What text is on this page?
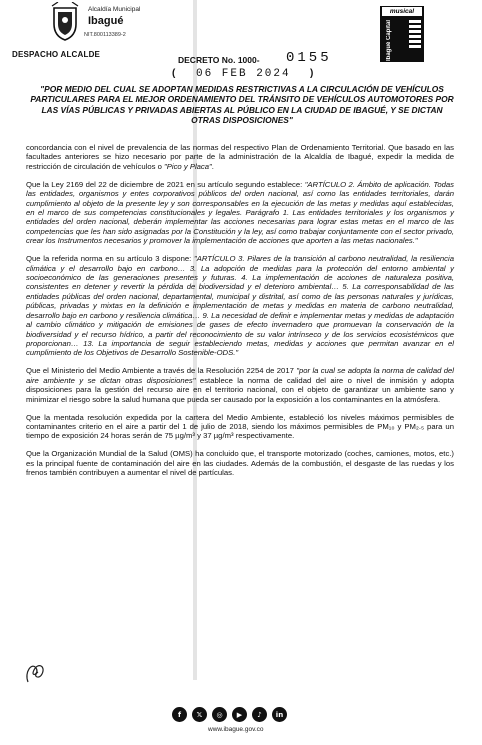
Alcaldía Municipal
Ibagué
NIT.800113389-2
DESPACHO ALCALDE
musical
Ibagué Capital
DECRETO No. 1000- 0155
( 06 FEB 2024 )
"POR MEDIO DEL CUAL SE ADOPTAN MEDIDAS RESTRICTIVAS A LA CIRCULACIÓN DE VEHÍCULOS PARTICULARES PARA EL MEJOR ORDENAMIENTO DEL TRÁNSITO DE VEHÍCULOS AUTOMOTORES POR LAS VÍAS PÚBLICAS Y PRIVADAS ABIERTAS AL PÚBLICO EN LA CIUDAD DE IBAGUÉ, Y SE DICTAN OTRAS DISPOSICIONES"

concordancia con el nivel de prevalencia de las normas del respectivo Plan de Ordenamiento Territorial. Que basado en las facultades anteriores se hizo necesario por parte de la administración de la Alcaldía de Ibagué, expedir la medida de restricción de circulación de vehículos o "Pico y Placa".

Que la Ley 2169 del 22 de diciembre de 2021 en su artículo segundo establece: "ARTÍCULO 2. Ámbito de aplicación. Todas las entidades, organismos y entes corporativos públicos del orden nacional, así como las entidades territoriales, darán cumplimiento al objeto de la presente ley y son corresponsables en la ejecución de las metas y medidas aquí establecidas, en el marco de sus competencias constitucionales y legales. Parágrafo 1. Las entidades territoriales y los organismos y entidades del orden nacional, deberán implementar las acciones necesarias para lograr estas metas en el marco de las competencias que les han sido asignadas por la Constitución y la ley, así como trabajar conjuntamente con el sector privado, crear los Instrumentos necesarios y promover la implementación de acciones que aporten a las metas nacionales."

Que la referida norma en su artículo 3 dispone: "ARTÍCULO 3. Pilares de la transición al carbono neutralidad, la resiliencia climática y el desarrollo bajo en carbono… 3. La adopción de medidas para la protección del entorno ambiental y socioeconómico de las generaciones presentes y futuras. 4. La implementación de acciones de naturaleza positiva, consistentes en detener y revertir la pérdida de biodiversidad y el deterioro ambiental… 5. La corresponsabilidad de las entidades públicas del orden nacional, departamental, municipal y distrital, así como de las personas naturales y jurídicas, públicas, privadas y mixtas en la definición e implementación de metas y medidas en materia de carbono neutralidad, desarrollo bajo en carbono y resiliencia climática… 9. La necesidad de definir e implementar metas y medidas de adaptación al cambio climático y mitigación de emisiones de gases de efecto invernadero que promuevan la conservación de la biodiversidad y el recurso hídrico, a partir del reconocimiento de su valor intrínseco y de los servicios ecosistémicos que proporcionan… 13. La importancia de seguir estableciendo metas, medidas y acciones que permitan avanzar en el cumplimiento de los Objetivos de Desarrollo Sostenible-ODS."

Que el Ministerio del Medio Ambiente a través de la Resolución 2254 de 2017 "por la cual se adopta la norma de calidad del aire ambiente y se dictan otras disposiciones" establece la norma de calidad del aire o nivel de inmisión y adopta disposiciones para la gestión del recurso aire en el territorio nacional, con el objeto de garantizar un ambiente sano y minimizar el riesgo sobre la salud humana que pueda ser causado por la exposición a los contaminantes en la atmósfera.

Que la mentada resolución expedida por la cartera del Medio Ambiente, estableció los niveles máximos permisibles de contaminantes criterio en el aire a partir del 1 de julio de 2018, siendo los máximos permisibles de PM₁₀ y PM₂.₅ para un tiempo de exposición 24 horas serán de 75 µg/m³ y 37 µg/m³ respectivamente.

Que la Organización Mundial de la Salud (OMS) ha concluido que, el transporte motorizado (coches, camiones, motos, etc.) es la principal fuente de contaminación del aire en las ciudades. Además de la combustión, el desgaste de las ruedas y los frenos también contribuyen a aumentar el nivel de partículas.

f	𝕏	◎	▶	♪	in
www.ibague.gov.co
